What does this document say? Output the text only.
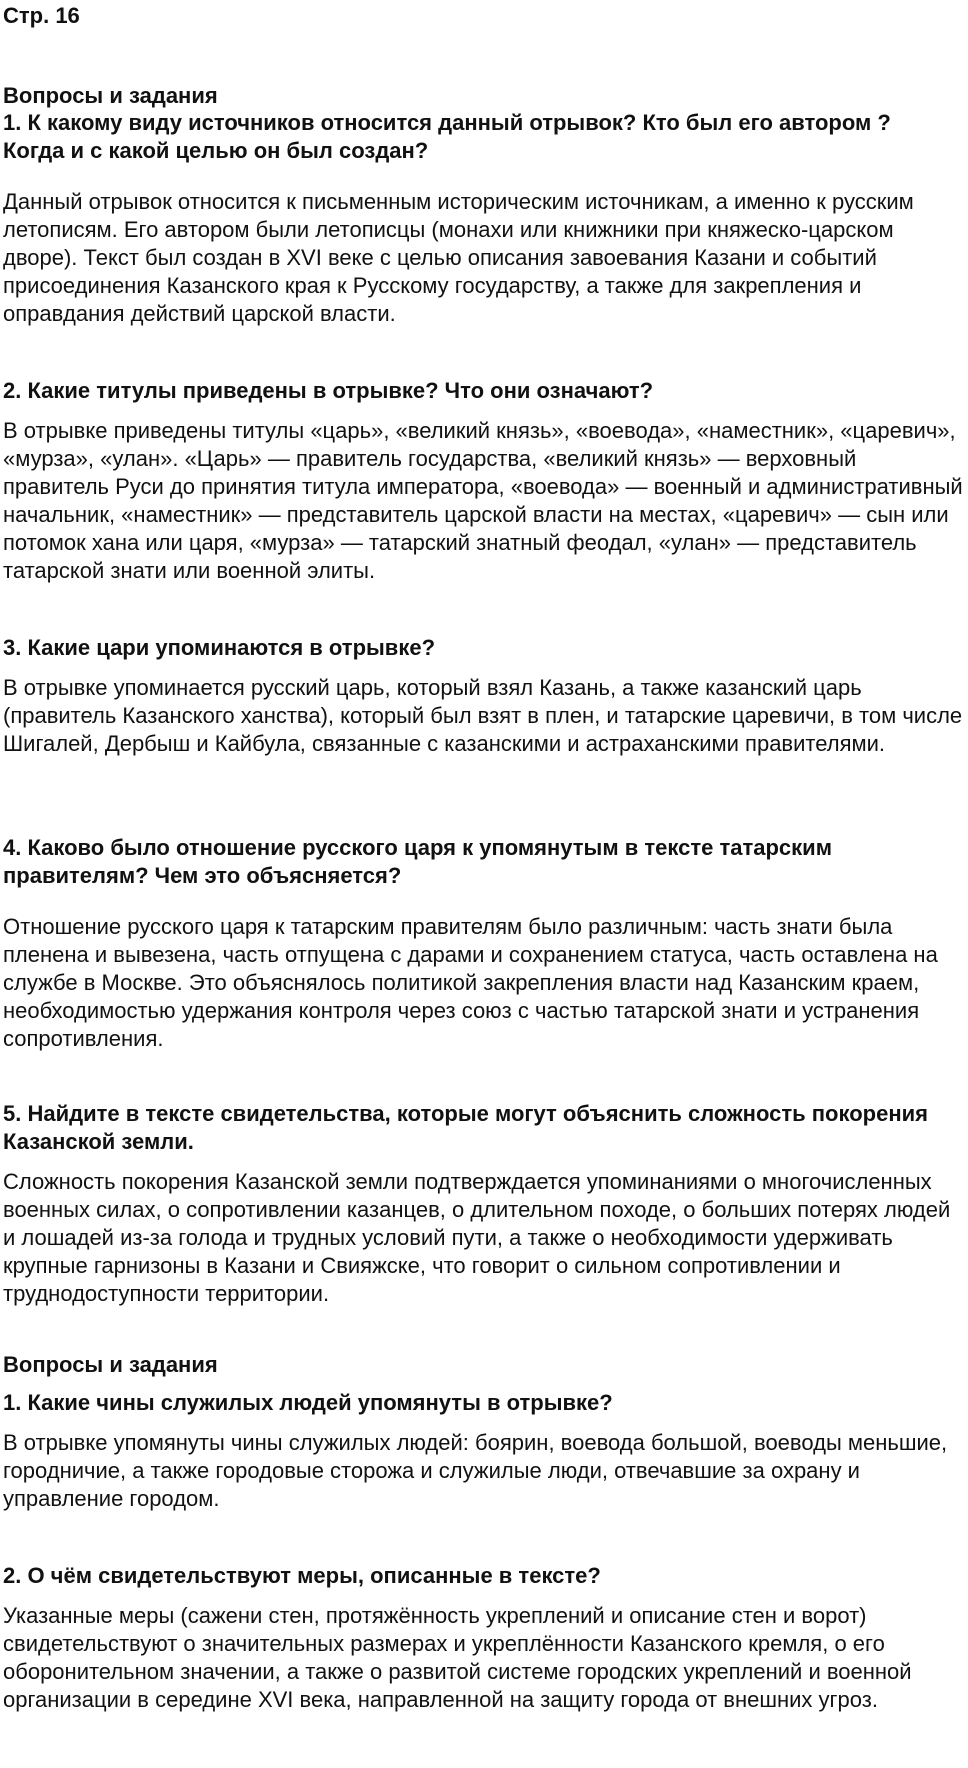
Стр. 16

Вопросы и задания

1. К какому виду источников относится данный отрывок? Кто был его автором ? Когда и с какой целью он был создан?

Данный отрывок относится к письменным историческим источникам, а именно к русским летописям. Его автором были летописцы (монахи или книжники при княжеско-царском дворе). Текст был создан в XVI веке с целью описания завоевания Казани и событий присоединения Казанского края к Русскому государству, а также для закрепления и оправдания действий царской власти.

2. Какие титулы приведены в отрывке? Что они означают?

В отрывке приведены титулы «царь», «великий князь», «воевода», «наместник», «царевич», «мурза», «улан». «Царь» — правитель государства, «великий князь» — верховный правитель Руси до принятия титула императора, «воевода» — военный и административный начальник, «наместник» — представитель царской власти на местах, «царевич» — сын или потомок хана или царя, «мурза» — татарский знатный феодал, «улан» — представитель татарской знати или военной элиты.

3. Какие цари упоминаются в отрывке?

В отрывке упоминается русский царь, который взял Казань, а также казанский царь (правитель Казанского ханства), который был взят в плен, и татарские царевичи, в том числе Шигалей, Дербыш и Кайбула, связанные с казанскими и астраханскими правителями.

4. Каково было отношение русского царя к упомянутым в тексте татарским правителям? Чем это объясняется?

Отношение русского царя к татарским правителям было различным: часть знати была пленена и вывезена, часть отпущена с дарами и сохранением статуса, часть оставлена на службе в Москве. Это объяснялось политикой закрепления власти над Казанским краем, необходимостью удержания контроля через союз с частью татарской знати и устранения сопротивления.

5. Найдите в тексте свидетельства, которые могут объяснить сложность покорения Казанской земли.

Сложность покорения Казанской земли подтверждается упоминаниями о многочисленных военных силах, о сопротивлении казанцев, о длительном походе, о больших потерях людей и лошадей из-за голода и трудных условий пути, а также о необходимости удерживать крупные гарнизоны в Казани и Свияжске, что говорит о сильном сопротивлении и труднодоступности территории.

Вопросы и задания

1. Какие чины служилых людей упомянуты в отрывке?

В отрывке упомянуты чины служилых людей: боярин, воевода большой, воеводы меньшие, городничие, а также городовые сторожа и служилые люди, отвечавшие за охрану и управление городом.

2. О чём свидетельствуют меры, описанные в тексте?

Указанные меры (сажени стен, протяжённость укреплений и описание стен и ворот) свидетельствуют о значительных размерах и укреплённости Казанского кремля, о его оборонительном значении, а также о развитой системе городских укреплений и военной организации в середине XVI века, направленной на защиту города от внешних угроз.
